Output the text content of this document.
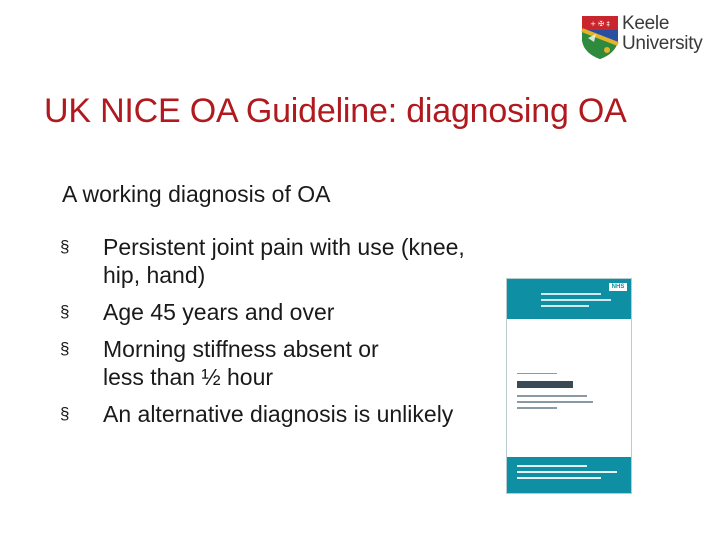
+ ✠ ‡ Keele
University
UK NICE OA Guideline: diagnosing OA
A working diagnosis of OA
§ Persistent joint pain with use (knee, hip, hand)
§ Age 45 years and over
§ Morning stiffness absent or
less than ½ hour
§ An alternative diagnosis is unlikely
NHS
